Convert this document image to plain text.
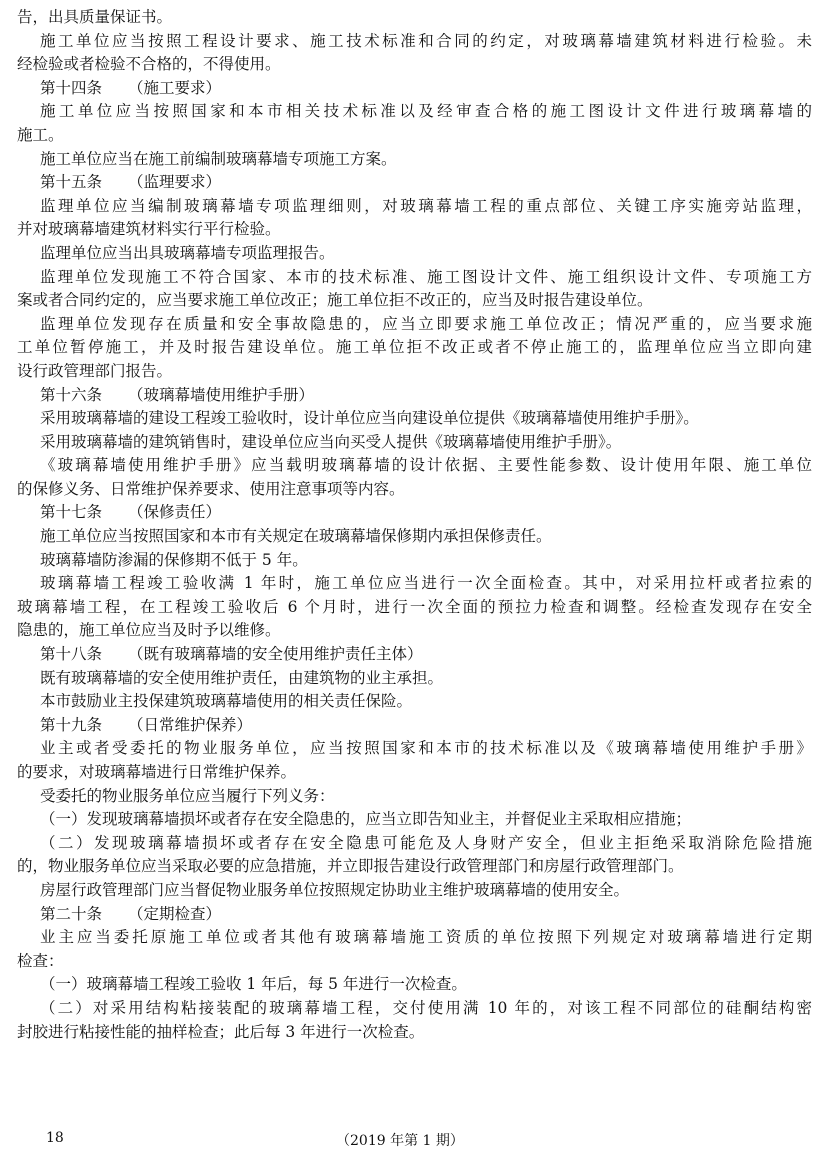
告，出具质量保证书。
施工单位应当按照工程设计要求、施工技术标准和合同的约定，对玻璃幕墙建筑材料进行检验。未
经检验或者检验不合格的，不得使用。
第十四条 （施工要求）
施工单位应当按照国家和本市相关技术标准以及经审查合格的施工图设计文件进行玻璃幕墙的
施工。
施工单位应当在施工前编制玻璃幕墙专项施工方案。
第十五条 （监理要求）
监理单位应当编制玻璃幕墙专项监理细则，对玻璃幕墙工程的重点部位、关键工序实施旁站监理，
并对玻璃幕墙建筑材料实行平行检验。
监理单位应当出具玻璃幕墙专项监理报告。
监理单位发现施工不符合国家、本市的技术标准、施工图设计文件、施工组织设计文件、专项施工方
案或者合同约定的，应当要求施工单位改正；施工单位拒不改正的，应当及时报告建设单位。
监理单位发现存在质量和安全事故隐患的，应当立即要求施工单位改正；情况严重的，应当要求施
工单位暂停施工，并及时报告建设单位。施工单位拒不改正或者不停止施工的，监理单位应当立即向建
设行政管理部门报告。
第十六条 （玻璃幕墙使用维护手册）
采用玻璃幕墙的建设工程竣工验收时，设计单位应当向建设单位提供《玻璃幕墙使用维护手册》。
采用玻璃幕墙的建筑销售时，建设单位应当向买受人提供《玻璃幕墙使用维护手册》。
《玻璃幕墙使用维护手册》应当载明玻璃幕墙的设计依据、主要性能参数、设计使用年限、施工单位
的保修义务、日常维护保养要求、使用注意事项等内容。
第十七条 （保修责任）
施工单位应当按照国家和本市有关规定在玻璃幕墙保修期内承担保修责任。
玻璃幕墙防渗漏的保修期不低于 5 年。
玻璃幕墙工程竣工验收满 1 年时，施工单位应当进行一次全面检查。其中，对采用拉杆或者拉索的
玻璃幕墙工程，在工程竣工验收后 6 个月时，进行一次全面的预拉力检查和调整。经检查发现存在安全
隐患的，施工单位应当及时予以维修。
第十八条 （既有玻璃幕墙的安全使用维护责任主体）
既有玻璃幕墙的安全使用维护责任，由建筑物的业主承担。
本市鼓励业主投保建筑玻璃幕墙使用的相关责任保险。
第十九条 （日常维护保养）
业主或者受委托的物业服务单位，应当按照国家和本市的技术标准以及《玻璃幕墙使用维护手册》
的要求，对玻璃幕墙进行日常维护保养。
受委托的物业服务单位应当履行下列义务：
（一）发现玻璃幕墙损坏或者存在安全隐患的，应当立即告知业主，并督促业主采取相应措施；
（二）发现玻璃幕墙损坏或者存在安全隐患可能危及人身财产安全，但业主拒绝采取消除危险措施
的，物业服务单位应当采取必要的应急措施，并立即报告建设行政管理部门和房屋行政管理部门。
房屋行政管理部门应当督促物业服务单位按照规定协助业主维护玻璃幕墙的使用安全。
第二十条 （定期检查）
业主应当委托原施工单位或者其他有玻璃幕墙施工资质的单位按照下列规定对玻璃幕墙进行定期
检查：
（一）玻璃幕墙工程竣工验收 1 年后，每 5 年进行一次检查。
（二）对采用结构粘接装配的玻璃幕墙工程，交付使用满 10 年的，对该工程不同部位的硅酮结构密
封胶进行粘接性能的抽样检查；此后每 3 年进行一次检查。
18	（2019 年第 1 期）
